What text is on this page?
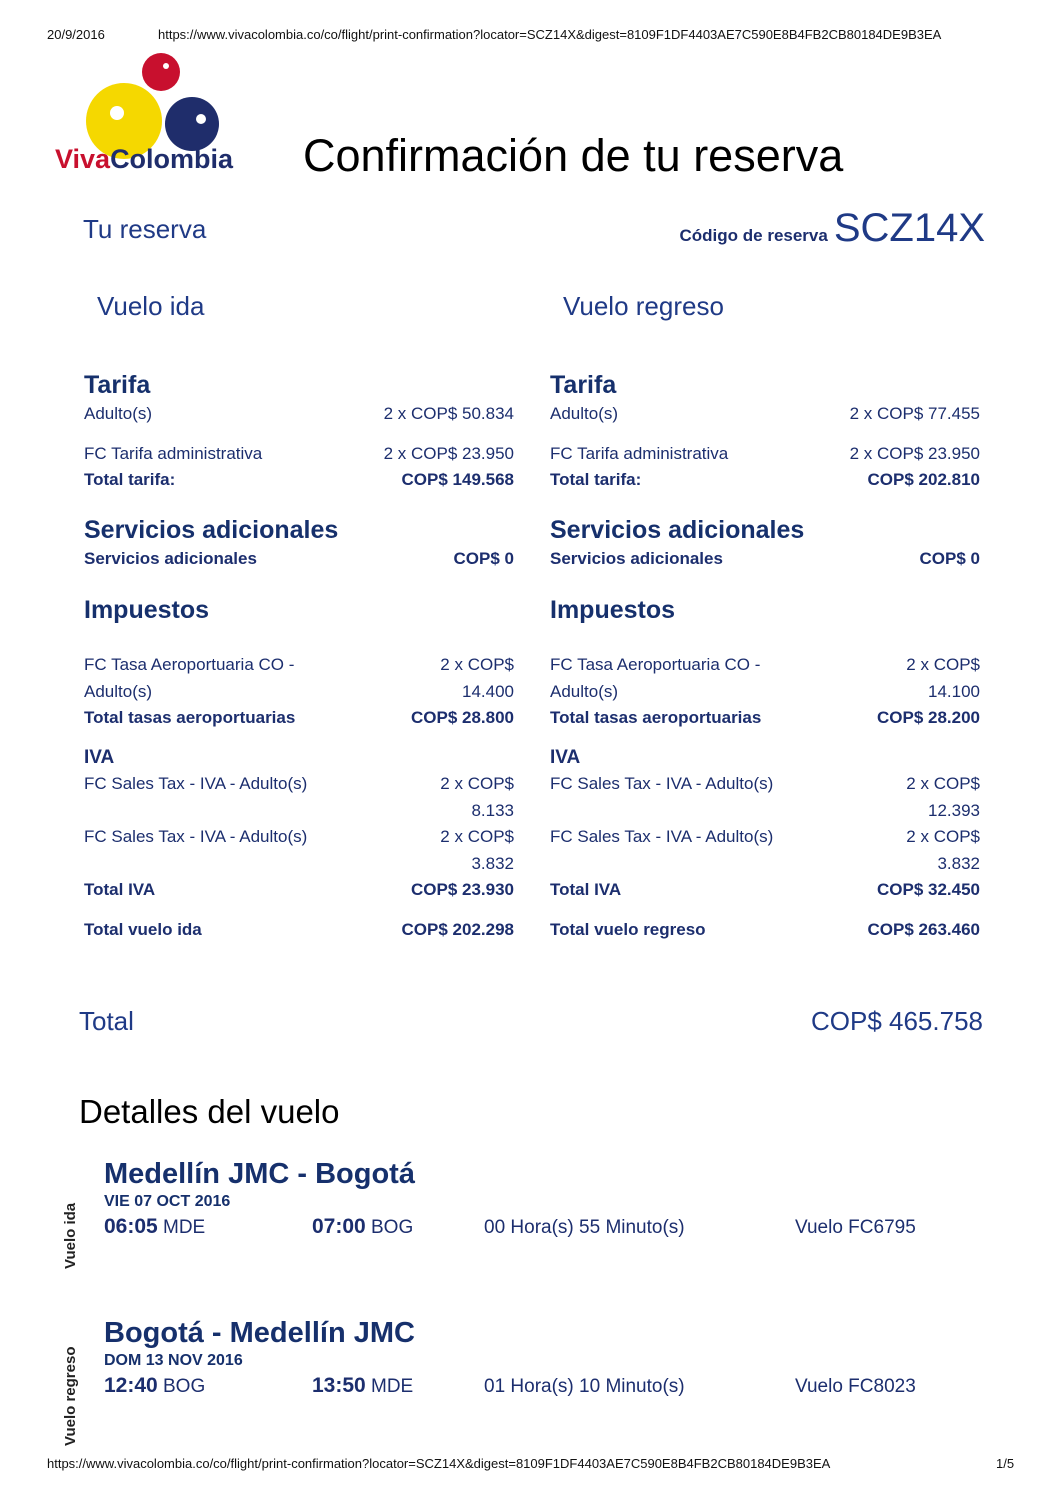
20/9/2016	https://www.vivacolombia.co/co/flight/print-confirmation?locator=SCZ14X&digest=8109F1DF4403AE7C590E8B4FB2CB80184DE9B3EA
VivaColombia Confirmación de tu reserva
Tu reserva	Código de reserva SCZ14X
Vuelo ida	Vuelo regreso
Tarifa
Adulto(s)	2 x COP$ 50.834
FC Tarifa administrativa	2 x COP$ 23.950
Total tarifa:	COP$ 149.568
Servicios adicionales
Servicios adicionales	COP$ 0
Impuestos
FC Tasa Aeroportuaria CO -	2 x COP$
Adulto(s)	14.400
Total tasas aeroportuarias	COP$ 28.800
IVA
FC Sales Tax - IVA - Adulto(s)	2 x COP$
8.133
FC Sales Tax - IVA - Adulto(s)	2 x COP$
3.832
Total IVA	COP$ 23.930
Total vuelo ida	COP$ 202.298
Tarifa
Adulto(s)	2 x COP$ 77.455
FC Tarifa administrativa	2 x COP$ 23.950
Total tarifa:	COP$ 202.810
Servicios adicionales
Servicios adicionales	COP$ 0
Impuestos
FC Tasa Aeroportuaria CO -	2 x COP$
Adulto(s)	14.100
Total tasas aeroportuarias	COP$ 28.200
IVA
FC Sales Tax - IVA - Adulto(s)	2 x COP$
12.393
FC Sales Tax - IVA - Adulto(s)	2 x COP$
3.832
Total IVA	COP$ 32.450
Total vuelo regreso	COP$ 263.460
Total	COP$ 465.758
Detalles del vuelo
Vuelo ida
Medellín JMC - Bogotá
VIE 07 OCT 2016
06:05 MDE	07:00 BOG	00 Hora(s) 55 Minuto(s)	Vuelo FC6795
Vuelo regreso
Bogotá - Medellín JMC
DOM 13 NOV 2016
12:40 BOG	13:50 MDE	01 Hora(s) 10 Minuto(s)	Vuelo FC8023
https://www.vivacolombia.co/co/flight/print-confirmation?locator=SCZ14X&digest=8109F1DF4403AE7C590E8B4FB2CB80184DE9B3EA	1/5
